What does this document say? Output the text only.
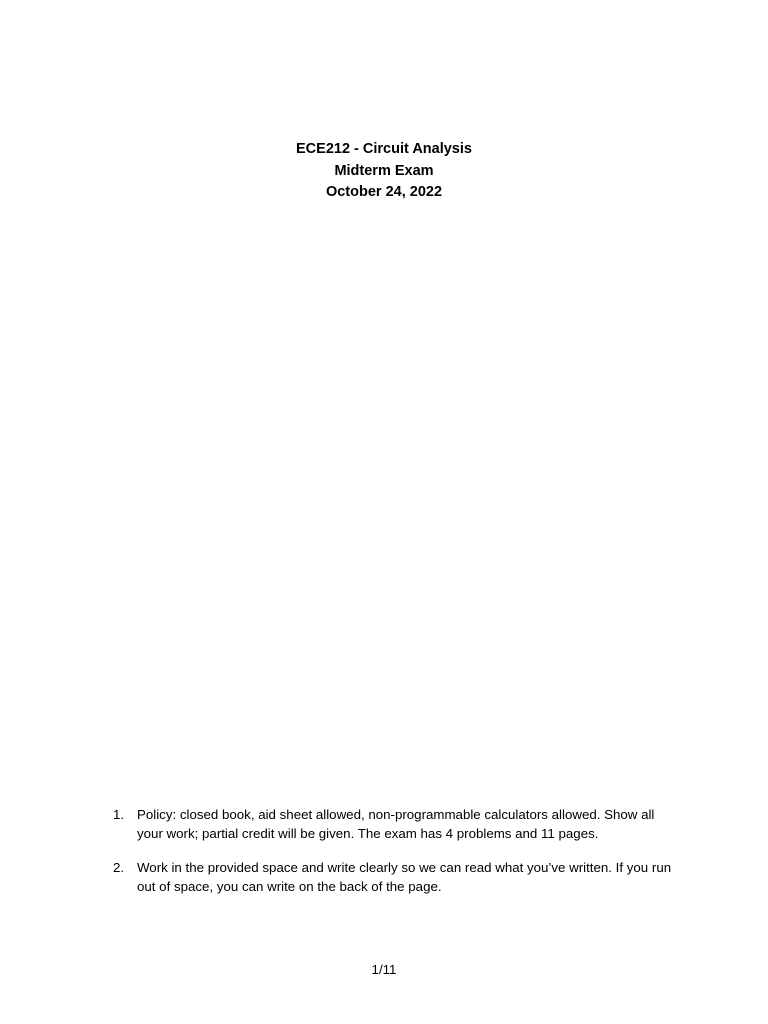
ECE212 - Circuit Analysis
Midterm Exam
October 24, 2022
1. Policy: closed book, aid sheet allowed, non-programmable calculators allowed. Show all your work; partial credit will be given. The exam has 4 problems and 11 pages.
2. Work in the provided space and write clearly so we can read what you’ve written. If you run out of space, you can write on the back of the page.
1/11
